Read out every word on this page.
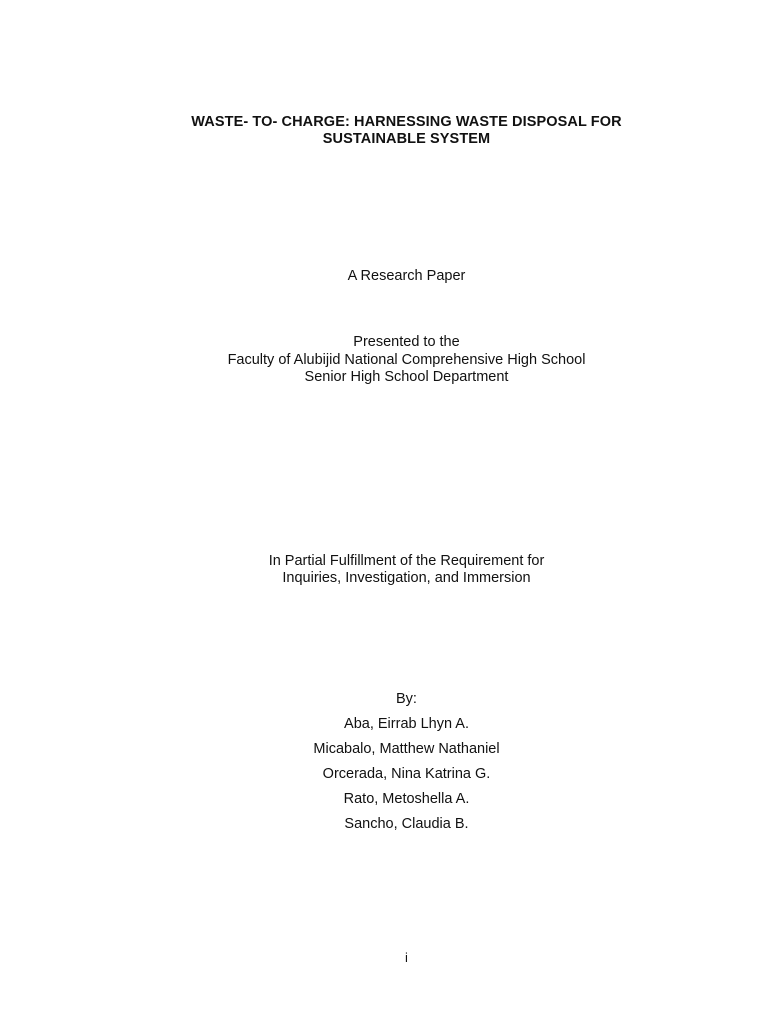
WASTE- TO- CHARGE: HARNESSING WASTE DISPOSAL FOR
SUSTAINABLE SYSTEM
A Research Paper
Presented to the
Faculty of Alubijid National Comprehensive High School
Senior High School Department
In Partial Fulfillment of the Requirement for
Inquiries, Investigation, and Immersion
By:
Aba, Eirrab Lhyn A.
Micabalo, Matthew Nathaniel
Orcerada, Nina Katrina G.
Rato, Metoshella A.
Sancho, Claudia B.
i
